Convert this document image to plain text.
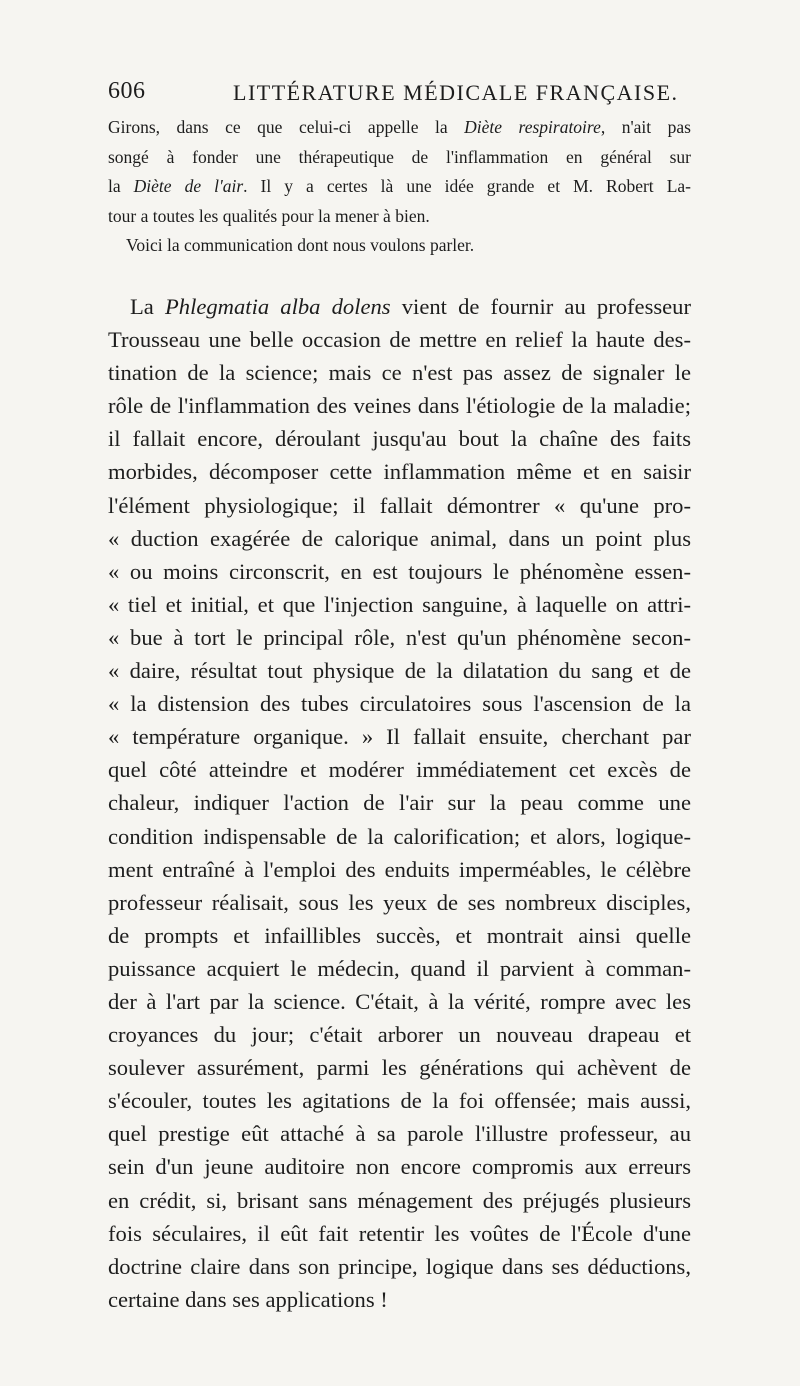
606	LITTÉRATURE MÉDICALE FRANÇAISE.
Girons, dans ce que celui-ci appelle la Diète respiratoire, n'ait pas
songé à fonder une thérapeutique de l'inflammation en général sur
la Diète de l'air. Il y a certes là une idée grande et M. Robert La-
tour a toutes les qualités pour la mener à bien.
Voici la communication dont nous voulons parler.
La Phlegmatia alba dolens vient de fournir au professeur
Trousseau une belle occasion de mettre en relief la haute des-
tination de la science; mais ce n'est pas assez de signaler le
rôle de l'inflammation des veines dans l'étiologie de la maladie;
il fallait encore, déroulant jusqu'au bout la chaîne des faits
morbides, décomposer cette inflammation même et en saisir
l'élément physiologique; il fallait démontrer « qu'une pro-
« duction exagérée de calorique animal, dans un point plus
« ou moins circonscrit, en est toujours le phénomène essen-
« tiel et initial, et que l'injection sanguine, à laquelle on attri-
« bue à tort le principal rôle, n'est qu'un phénomène secon-
« daire, résultat tout physique de la dilatation du sang et de
« la distension des tubes circulatoires sous l'ascension de la
« température organique. » Il fallait ensuite, cherchant par
quel côté atteindre et modérer immédiatement cet excès de
chaleur, indiquer l'action de l'air sur la peau comme une
condition indispensable de la calorification; et alors, logique-
ment entraîné à l'emploi des enduits imperméables, le célèbre
professeur réalisait, sous les yeux de ses nombreux disciples,
de prompts et infaillibles succès, et montrait ainsi quelle
puissance acquiert le médecin, quand il parvient à comman-
der à l'art par la science. C'était, à la vérité, rompre avec les
croyances du jour; c'était arborer un nouveau drapeau et
soulever assurément, parmi les générations qui achèvent de
s'écouler, toutes les agitations de la foi offensée; mais aussi,
quel prestige eût attaché à sa parole l'illustre professeur, au
sein d'un jeune auditoire non encore compromis aux erreurs
en crédit, si, brisant sans ménagement des préjugés plusieurs
fois séculaires, il eût fait retentir les voûtes de l'École d'une
doctrine claire dans son principe, logique dans ses déductions,
certaine dans ses applications !
